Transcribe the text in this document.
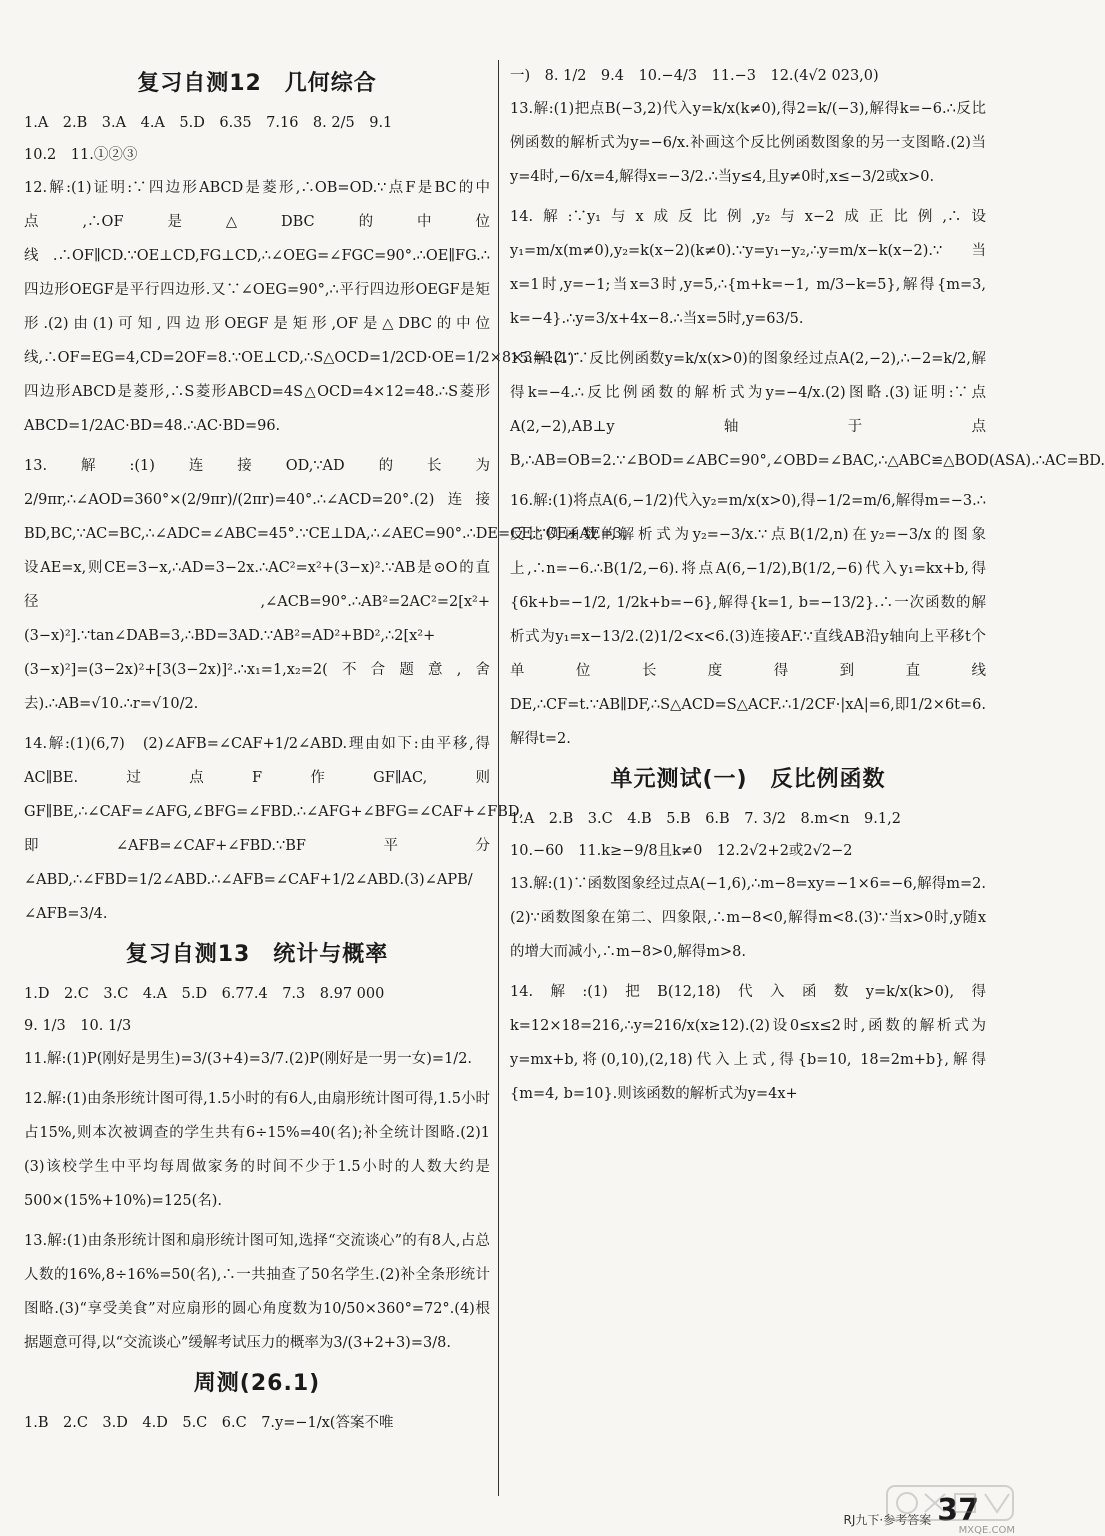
复习自测12　几何综合
1.A　2.B　3.A　4.A　5.D　6.35　7.16　8. 2/5　9.1
10.2　11.①②③
12.解:(1)证明:∵四边形ABCD是菱形,∴OB=OD.∵点F是BC的中点,∴OF是△DBC的中位线.∴OF∥CD.∵OE⊥CD,FG⊥CD,∴∠OEG=∠FGC=90°.∴OE∥FG.∴四边形OEGF是平行四边形.又∵∠OEG=90°,∴平行四边形OEGF是矩形.(2)由(1)可知,四边形OEGF是矩形,OF是△DBC的中位线,∴OF=EG=4,CD=2OF=8.∵OE⊥CD,∴S△OCD=1/2CD·OE=1/2×8×3=12.∵四边形ABCD是菱形,∴S菱形ABCD=4S△OCD=4×12=48.∴S菱形ABCD=1/2AC·BD=48.∴AC·BD=96.
13.解:(1)连接OD,∵AD的长为2/9πr,∴∠AOD=360°×(2/9πr)/(2πr)=40°.∴∠ACD=20°.(2)连接BD,BC,∵AC=BC,∴∠ADC=∠ABC=45°.∵CE⊥DA,∴∠AEC=90°.∴DE=CE.∵CE+AE=3,设AE=x,则CE=3−x,∴AD=3−2x.∴AC²=x²+(3−x)².∵AB是⊙O的直径,∠ACB=90°.∴AB²=2AC²=2[x²+(3−x)²].∵tan∠DAB=3,∴BD=3AD.∵AB²=AD²+BD²,∴2[x²+(3−x)²]=(3−2x)²+[3(3−2x)]².∴x₁=1,x₂=2(不合题意,舍去).∴AB=√10.∴r=√10/2.
14.解:(1)(6,7)　(2)∠AFB=∠CAF+1/2∠ABD.理由如下:由平移,得AC∥BE.过点F作GF∥AC,则GF∥BE,∴∠CAF=∠AFG,∠BFG=∠FBD.∴∠AFG+∠BFG=∠CAF+∠FBD,即∠AFB=∠CAF+∠FBD.∵BF平分∠ABD,∴∠FBD=1/2∠ABD.∴∠AFB=∠CAF+1/2∠ABD.(3)∠APB/∠AFB=3/4.
复习自测13　统计与概率
1.D　2.C　3.C　4.A　5.D　6.77.4　7.3　8.97 000
9. 1/3　10. 1/3
11.解:(1)P(刚好是男生)=3/(3+4)=3/7.(2)P(刚好是一男一女)=1/2.
12.解:(1)由条形统计图可得,1.5小时的有6人,由扇形统计图可得,1.5小时占15%,则本次被调查的学生共有6÷15%=40(名);补全统计图略.(2)1　(3)该校学生中平均每周做家务的时间不少于1.5小时的人数大约是500×(15%+10%)=125(名).
13.解:(1)由条形统计图和扇形统计图可知,选择“交流谈心”的有8人,占总人数的16%,8÷16%=50(名),∴一共抽查了50名学生.(2)补全条形统计图略.(3)“享受美食”对应扇形的圆心角度数为10/50×360°=72°.(4)根据题意可得,以“交流谈心”缓解考试压力的概率为3/(3+2+3)=3/8.
周测(26.1)
1.B　2.C　3.D　4.D　5.C　6.C　7.y=−1/x(答案不唯
一)　8. 1/2　9.4　10.−4/3　11.−3　12.(4√2 023,0)
13.解:(1)把点B(−3,2)代入y=k/x(k≠0),得2=k/(−3),解得k=−6.∴反比例函数的解析式为y=−6/x.补画这个反比例函数图象的另一支图略.(2)当y=4时,−6/x=4,解得x=−3/2.∴当y≤4,且y≠0时,x≤−3/2或x>0.
14.解:∵y₁与x成反比例,y₂与x−2成正比例,∴设y₁=m/x(m≠0),y₂=k(x−2)(k≠0).∵y=y₁−y₂,∴y=m/x−k(x−2).∵当x=1时,y=−1;当x=3时,y=5,∴{m+k=−1, m/3−k=5},解得{m=3, k=−4}.∴y=3/x+4x−8.∴当x=5时,y=63/5.
15.解:(1)∵反比例函数y=k/x(x>0)的图象经过点A(2,−2),∴−2=k/2,解得k=−4.∴反比例函数的解析式为y=−4/x.(2)图略.(3)证明:∵点A(2,−2),AB⊥y轴于点B,∴AB=OB=2.∵∠BOD=∠ABC=90°,∠OBD=∠BAC,∴△ABC≌△BOD(ASA).∴AC=BD.
16.解:(1)将点A(6,−1/2)代入y₂=m/x(x>0),得−1/2=m/6,解得m=−3.∴反比例函数的解析式为y₂=−3/x.∵点B(1/2,n)在y₂=−3/x的图象上,∴n=−6.∴B(1/2,−6).将点A(6,−1/2),B(1/2,−6)代入y₁=kx+b,得{6k+b=−1/2, 1/2k+b=−6},解得{k=1, b=−13/2}.∴一次函数的解析式为y₁=x−13/2.(2)1/2<x<6.(3)连接AF.∵直线AB沿y轴向上平移t个单位长度得到直线DE,∴CF=t.∵AB∥DF,∴S△ACD=S△ACF.∴1/2CF·|xA|=6,即1/2×6t=6.解得t=2.
单元测试(一)　反比例函数
1.A　2.B　3.C　4.B　5.B　6.B　7. 3/2　8.m<n　9.1,2
10.−60　11.k≥−9/8且k≠0　12.2√2+2或2√2−2
13.解:(1)∵函数图象经过点A(−1,6),∴m−8=xy=−1×6=−6,解得m=2.(2)∵函数图象在第二、四象限,∴m−8<0,解得m<8.(3)∵当x>0时,y随x的增大而减小,∴m−8>0,解得m>8.
14.解:(1)把B(12,18)代入函数y=k/x(k>0),得k=12×18=216,∴y=216/x(x≥12).(2)设0≤x≤2时,函数的解析式为y=mx+b,将(0,10),(2,18)代入上式,得{b=10, 18=2m+b},解得{m=4, b=10}.则该函数的解析式为y=4x+
RJ九下·参考答案 37
MXQE.COM
